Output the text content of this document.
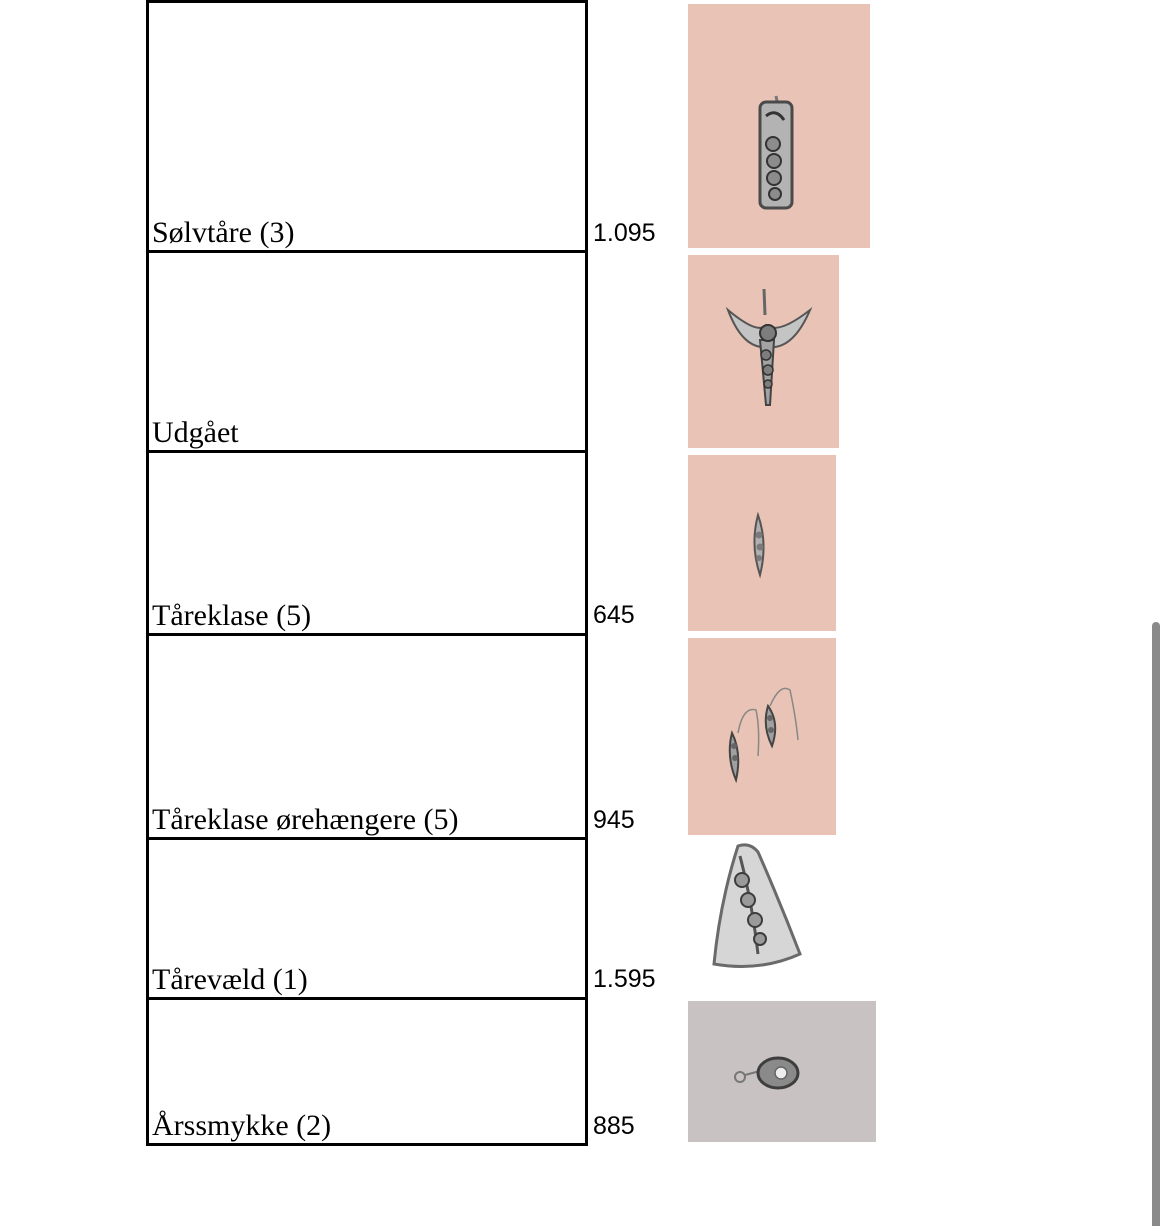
Sølvtåre (3)	1.095
Udgået
Tåreklase (5)	645
Tåreklase ørehængere (5)	945
Tårevæld (1)	1.595
Årssmykke (2)	885
